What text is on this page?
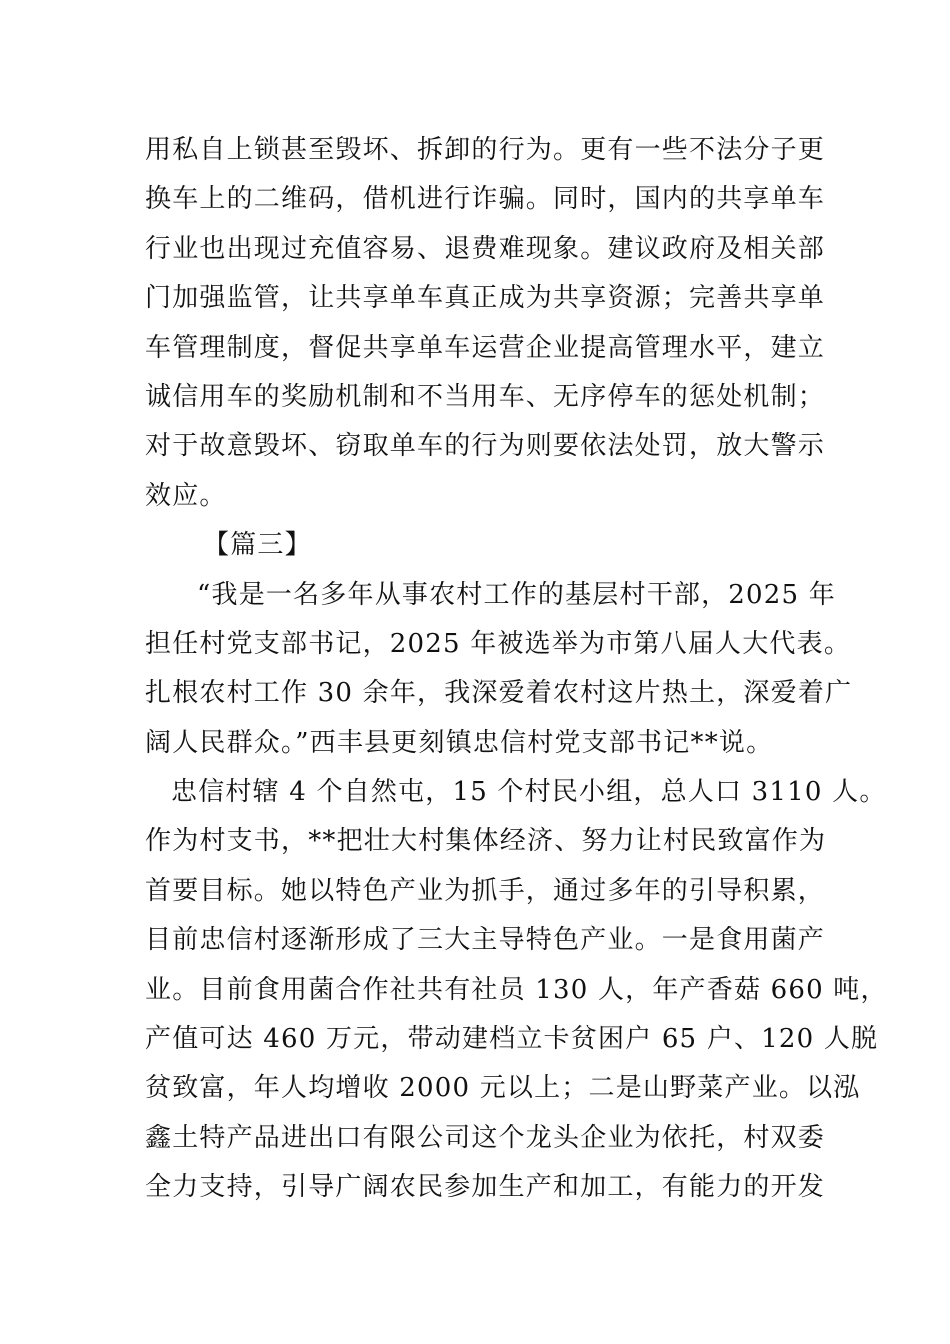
用私自上锁甚至毁坏、拆卸的行为。更有一些不法分子更
换车上的二维码，借机进行诈骗。同时，国内的共享单车
行业也出现过充值容易、退费难现象。建议政府及相关部
门加强监管，让共享单车真正成为共享资源；完善共享单
车管理制度，督促共享单车运营企业提高管理水平，建立
诚信用车的奖励机制和不当用车、无序停车的惩处机制；
对于故意毁坏、窃取单车的行为则要依法处罚，放大警示
效应。
【篇三】
“我是一名多年从事农村工作的基层村干部，2025 年
担任村党支部书记，2025 年被选举为市第八届人大代表。
扎根农村工作 30 余年，我深爱着农村这片热土，深爱着广
阔人民群众。”西丰县更刻镇忠信村党支部书记**说。
忠信村辖 4 个自然屯，15 个村民小组，总人口 3110 人。
作为村支书，**把壮大村集体经济、努力让村民致富作为
首要目标。她以特色产业为抓手，通过多年的引导积累，
目前忠信村逐渐形成了三大主导特色产业。一是食用菌产
业。目前食用菌合作社共有社员 130 人，年产香菇 660 吨，
产值可达 460 万元，带动建档立卡贫困户 65 户、120 人脱
贫致富，年人均增收 2000 元以上；二是山野菜产业。以泓
鑫土特产品进出口有限公司这个龙头企业为依托，村双委
全力支持，引导广阔农民参加生产和加工，有能力的开发
